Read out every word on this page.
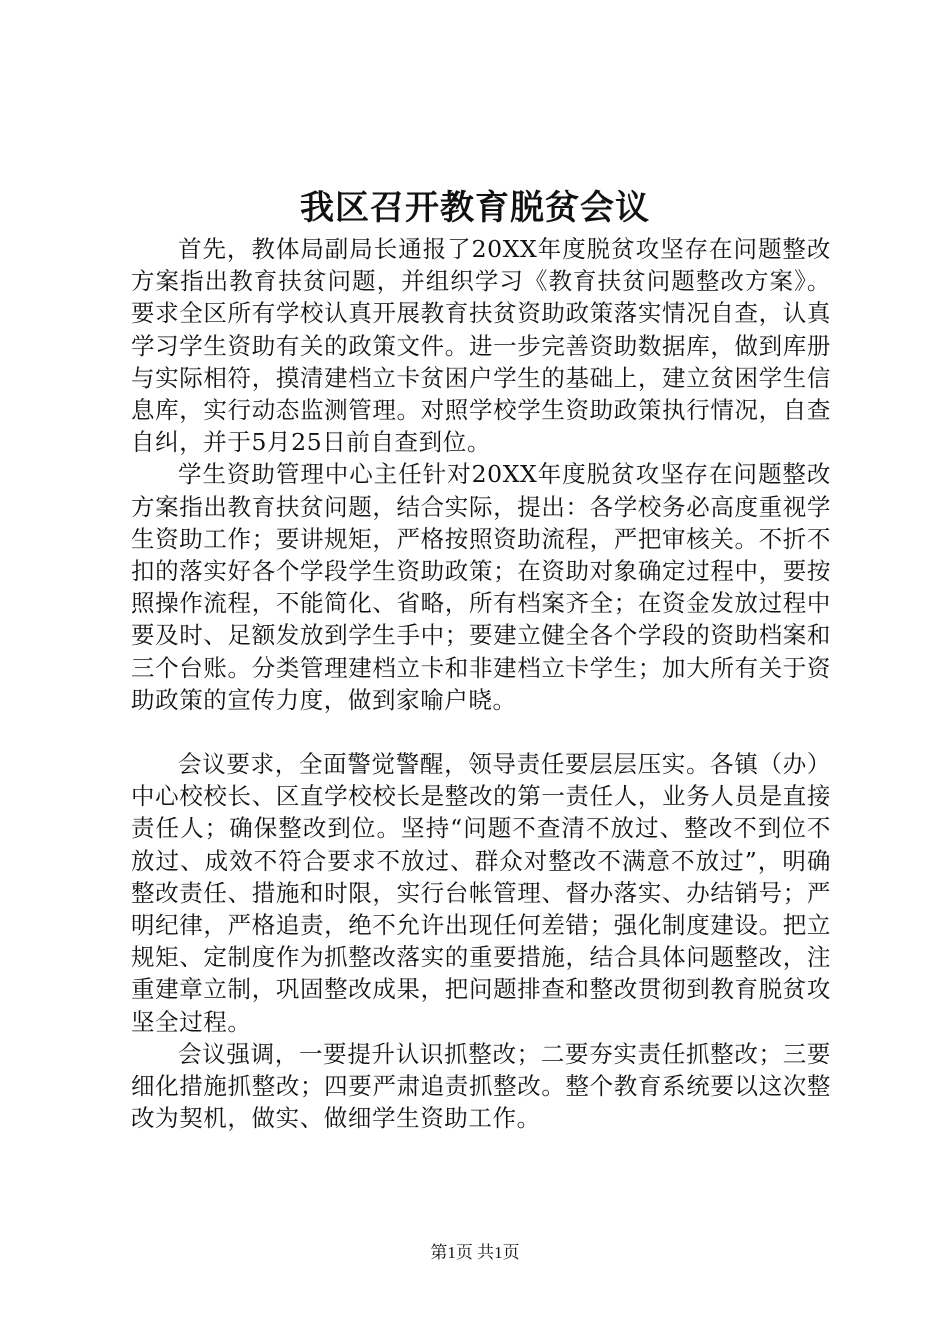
我区召开教育脱贫会议

首先，教体局副局长通报了20XX年度脱贫攻坚存在问题整改方案指出教育扶贫问题，并组织学习《教育扶贫问题整改方案》。要求全区所有学校认真开展教育扶贫资助政策落实情况自查，认真学习学生资助有关的政策文件。进一步完善资助数据库，做到库册与实际相符，摸清建档立卡贫困户学生的基础上，建立贫困学生信息库，实行动态监测管理。对照学校学生资助政策执行情况，自查自纠，并于5月25日前自查到位。

学生资助管理中心主任针对20XX年度脱贫攻坚存在问题整改方案指出教育扶贫问题，结合实际，提出：各学校务必高度重视学生资助工作；要讲规矩，严格按照资助流程，严把审核关。不折不扣的落实好各个学段学生资助政策；在资助对象确定过程中，要按照操作流程，不能简化、省略，所有档案齐全；在资金发放过程中要及时、足额发放到学生手中；要建立健全各个学段的资助档案和三个台账。分类管理建档立卡和非建档立卡学生；加大所有关于资助政策的宣传力度，做到家喻户晓。

会议要求，全面警觉警醒，领导责任要层层压实。各镇（办）中心校校长、区直学校校长是整改的第一责任人，业务人员是直接责任人；确保整改到位。坚持“问题不查清不放过、整改不到位不放过、成效不符合要求不放过、群众对整改不满意不放过”，明确整改责任、措施和时限，实行台帐管理、督办落实、办结销号；严明纪律，严格追责，绝不允许出现任何差错；强化制度建设。把立规矩、定制度作为抓整改落实的重要措施，结合具体问题整改，注重建章立制，巩固整改成果，把问题排查和整改贯彻到教育脱贫攻坚全过程。

会议强调，一要提升认识抓整改；二要夯实责任抓整改；三要细化措施抓整改；四要严肃追责抓整改。整个教育系统要以这次整改为契机，做实、做细学生资助工作。

第1页 共1页
